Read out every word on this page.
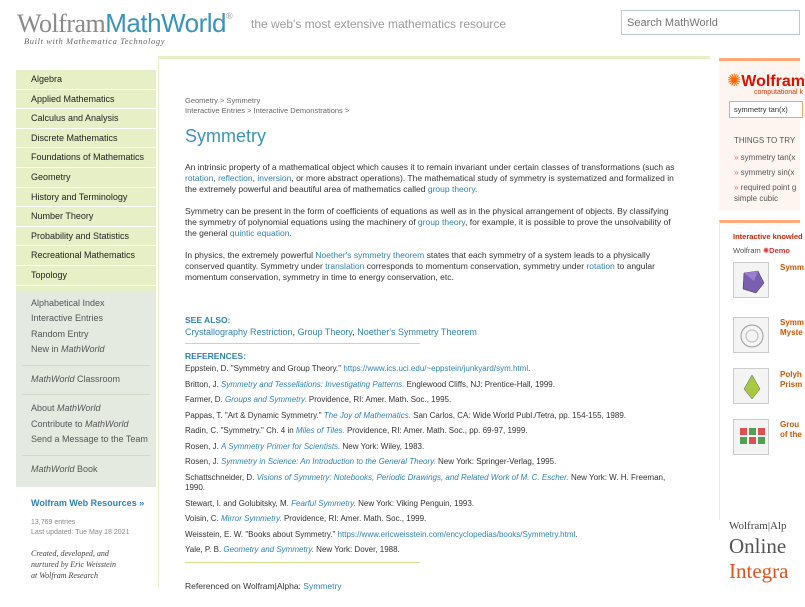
WolframMathWorld®
Built with Mathematica Technology
the web's most extensive mathematics resource
Search MathWorld
Algebra
Applied Mathematics
Calculus and Analysis
Discrete Mathematics
Foundations of Mathematics
Geometry
History and Terminology
Number Theory
Probability and Statistics
Recreational Mathematics
Topology
Alphabetical Index
Interactive Entries
Random Entry
New in MathWorld
MathWorld Classroom
About MathWorld
Contribute to MathWorld
Send a Message to the Team
MathWorld Book
Wolfram Web Resources »
13,769 entries
Last updated: Tue May 18 2021
Created, developed, and
nurtured by Eric Weisstein
at Wolfram Research
Geometry > Symmetry
Interactive Entries > Interactive Demonstrations >
Symmetry

An intrinsic property of a mathematical object which causes it to remain invariant under certain classes of transformations (such as rotation, reflection, inversion, or more abstract operations). The mathematical study of symmetry is systematized and formalized in the extremely powerful and beautiful area of mathematics called group theory.

Symmetry can be present in the form of coefficients of equations as well as in the physical arrangement of objects. By classifying the symmetry of polynomial equations using the machinery of group theory, for example, it is possible to prove the unsolvability of the general quintic equation.

In physics, the extremely powerful Noether's symmetry theorem states that each symmetry of a system leads to a physically conserved quantity. Symmetry under translation corresponds to momentum conservation, symmetry under rotation to angular momentum conservation, symmetry in time to energy conservation, etc.

SEE ALSO:
Crystallography Restriction, Group Theory, Noether's Symmetry Theorem
REFERENCES:
Eppstein, D. "Symmetry and Group Theory." https://www.ics.uci.edu/~eppstein/junkyard/sym.html.
Britton, J. Symmetry and Tessellations: Investigating Patterns. Englewood Cliffs, NJ: Prentice-Hall, 1999.
Farmer, D. Groups and Symmetry. Providence, RI: Amer. Math. Soc., 1995.
Pappas, T. "Art & Dynamic Symmetry." The Joy of Mathematics. San Carlos, CA: Wide World Publ./Tetra, pp. 154-155, 1989.
Radin, C. "Symmetry." Ch. 4 in Miles of Tiles. Providence, RI: Amer. Math. Soc., pp. 69-97, 1999.
Rosen, J. A Symmetry Primer for Scientists. New York: Wiley, 1983.
Rosen, J. Symmetry in Science: An Introduction to the General Theory. New York: Springer-Verlag, 1995.
Schattschneider, D. Visions of Symmetry: Notebooks, Periodic Drawings, and Related Work of M. C. Escher. New York: W. H. Freeman, 1990.
Stewart, I. and Golubitsky, M. Fearful Symmetry. New York: Viking Penguin, 1993.
Voisin, C. Mirror Symmetry. Providence, RI: Amer. Math. Soc., 1999.
Weisstein, E. W. "Books about Symmetry." https://www.ericweisstein.com/encyclopedias/books/Symmetry.html.
Yale, P. B. Geometry and Symmetry. New York: Dover, 1988.
Referenced on Wolfram|Alpha: Symmetry
✺Wolfram
computational k
symmetry tan(x)
THINGS TO TRY
» symmetry tan(x
» symmetry sin(x
» required point g
simple cubic
Interactive knowled
Wolfram ✺Demo
Symm
Symm
Myste
Polyh
Prism
Grou
of the
Wolfram|Alp
Online
Integra
